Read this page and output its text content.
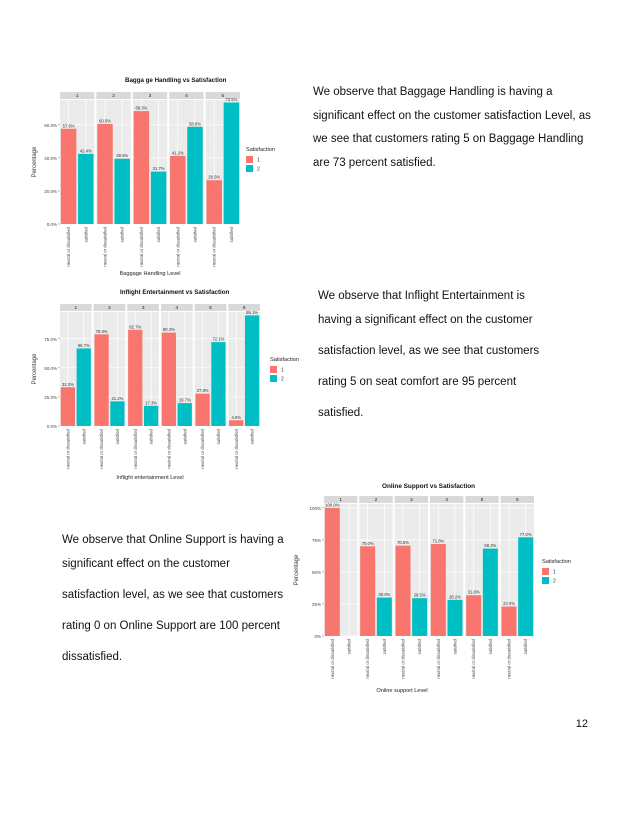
Bagga ge Handling vs Satisfaction
Percentage
0.0%
20.0%
40.0%
60.0%
1
57.6%
neutral or dissatisfied
42.4%
satisfied
2
60.5%
neutral or dissatisfied
39.5%
satisfied
3
68.3%
neutral or dissatisfied
31.7%
satisfied
4
41.2%
neutral or dissatisfied
58.8%
satisfied
5
26.5%
neutral or dissatisfied
73.5%
satisfied
Baggage Handling Level
Satisfaction
1
2

We observe that Baggage Handling is having a

significant effect on the customer satisfaction Level, as

we see that customers rating 5 on Baggage Handling

are 73 percent satisfied.

Inflight Entertainment vs Satisfaction
Percentage
0.0%
25.0%
50.0%
75.0%
1
33.3%
neutral or dissatisfied
66.7%
satisfied
2
78.8%
neutral or dissatisfied
21.2%
satisfied
3
82.7%
neutral or dissatisfied
17.3%
satisfied
4
80.3%
neutral or dissatisfied
19.7%
satisfied
5
27.8%
neutral or dissatisfied
72.1%
satisfied
6
4.9%
neutral or dissatisfied
95.1%
satisfied
Inflight entertainment Level
Satisfaction
1
2

We observe that Inflight Entertainment is

having a significant effect on the customer

satisfaction level, as we see that customers

rating 5 on seat comfort are 95 percent

satisfied.

Online Support vs Satisfaction
Percentage
0%
25%
50%
75%
100%
1
100.0%
neutral or dissatisfied	satisfied
2
70.0%
neutral or dissatisfied
30.0%
satisfied
3
70.5%
neutral or dissatisfied
29.5%
satisfied
4
71.8%
neutral or dissatisfied
28.2%
satisfied
5
31.8%
neutral or dissatisfied
68.2%
satisfied
6
23.0%
neutral or dissatisfied
77.0%
satisfied
Online support Level
Satisfaction
1
2

We observe that Online Support is having a

significant effect on the customer

satisfaction level, as we see that customers

rating 0 on Online Support are 100 percent

dissatisfied.

12
